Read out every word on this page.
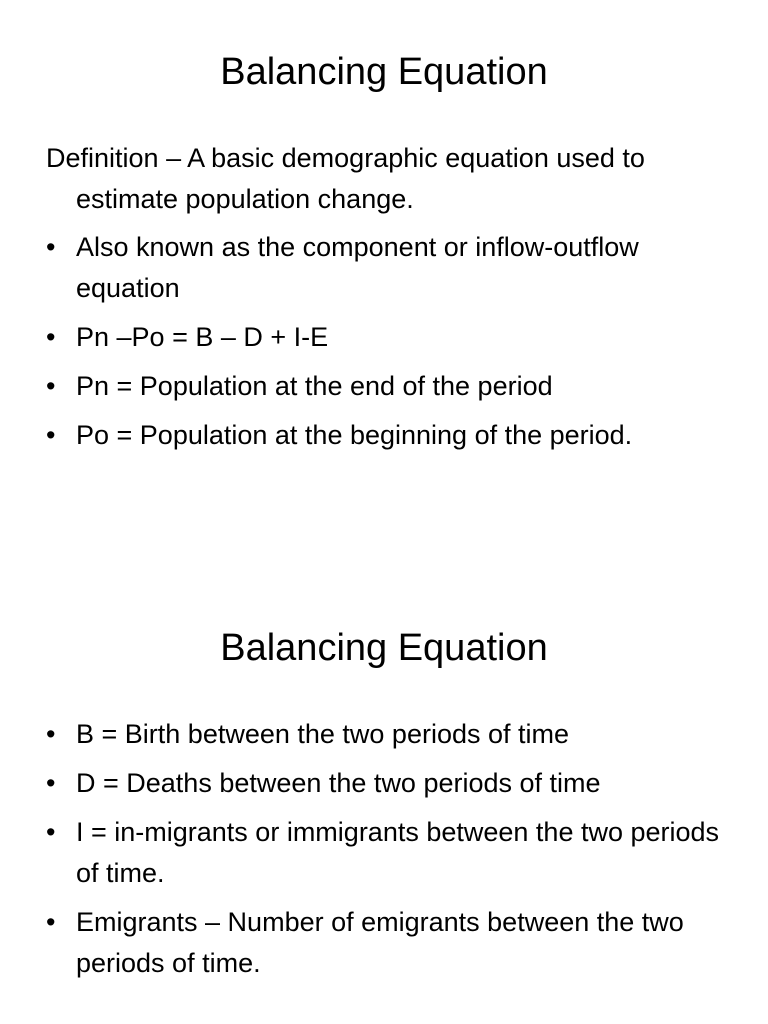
Balancing Equation

Definition – A basic demographic equation used to estimate population change.

• Also known as the component or inflow-outflow equation
• Pn –Po = B – D + I-E
• Pn = Population at the end of the period
• Po = Population at the beginning of the period.
Balancing Equation
• B = Birth between the two periods of time
• D = Deaths between the two periods of time
• I = in-migrants or immigrants between the two periods of time.
• Emigrants – Number of emigrants between the two periods of time.
